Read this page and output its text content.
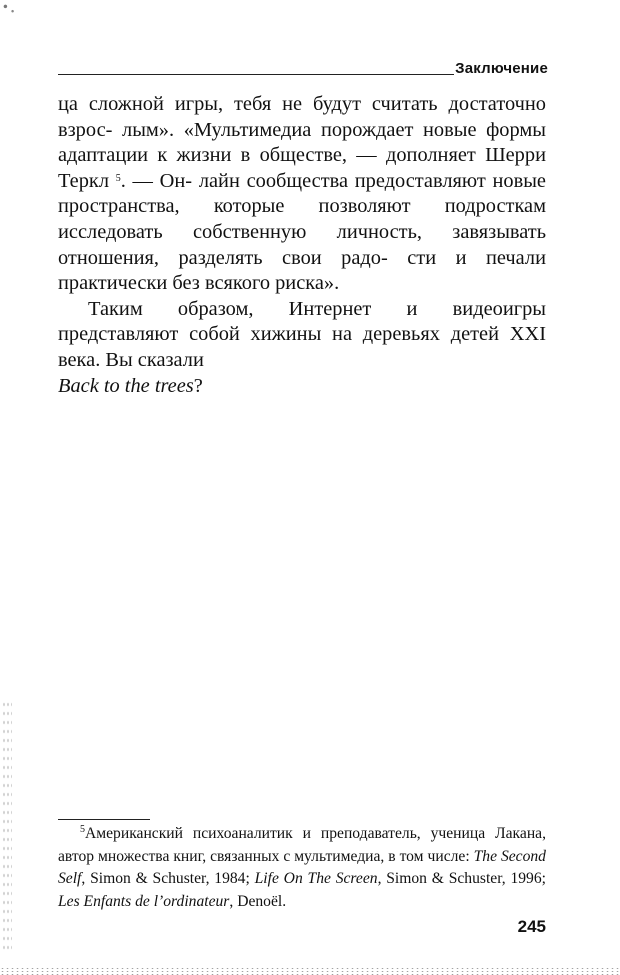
Заключение

ца сложной игры, тебя не будут считать достаточно взрос- лым». «Мультимедиа порождает новые формы адаптации к жизни в обществе, — дополняет Шерри Теркл $^5$. — Он- лайн сообщества предоставляют новые пространства, которые позволяют подросткам исследовать собственную личность, завязывать отношения, разделять свои радо- сти и печали практически без всякого риска».

Таким образом, Интернет и видеоигры представляют собой хижины на деревьях детей XXI века. Вы сказали
Back to the trees?

$^5$Американский психоаналитик и преподаватель, ученица Лакана, автор множества книг, связанных с мультимедиа, в том числе: The Second Self, Simon & Schuster, 1984; Life On The Screen, Simon & Schuster, 1996; Les Enfants de l’ordinateur, Denoёl.

245
